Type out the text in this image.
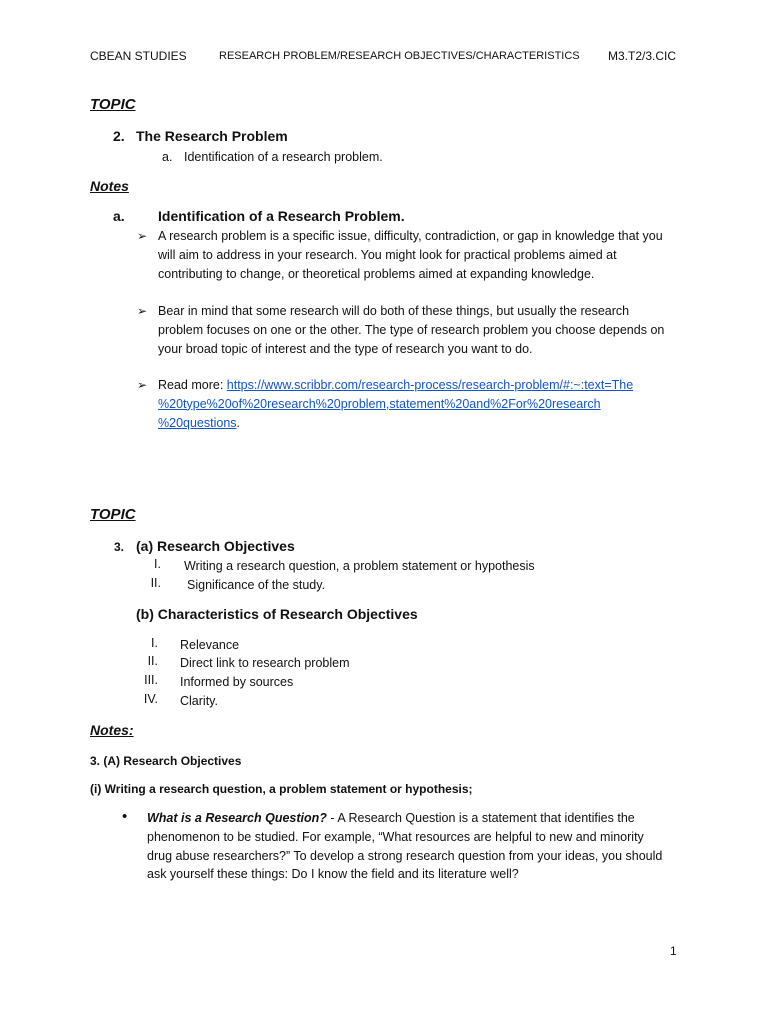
CBEAN STUDIES	RESEARCH PROBLEM/RESEARCH OBJECTIVES/CHARACTERISTICS M3.T2/3.CIC
TOPIC
2. The Research Problem
a. Identification of a research problem.
Notes
a. Identification of a Research Problem.
➢ A research problem is a specific issue, difficulty, contradiction, or gap in knowledge that you
will aim to address in your research. You might look for practical problems aimed at
contributing to change, or theoretical problems aimed at expanding knowledge.
➢ Bear in mind that some research will do both of these things, but usually the research
problem focuses on one or the other. The type of research problem you choose depends on
your broad topic of interest and the type of research you want to do.
➢ Read more: https://www.scribbr.com/research-process/research-problem/#:~:text=The
%20type%20of%20research%20problem,statement%20and%2For%20research
%20questions.
TOPIC
3. (a) Research Objectives
I. Writing a research question, a problem statement or hypothesis
II. Significance of the study.
(b) Characteristics of Research Objectives
I. Relevance
II. Direct link to research problem
III. Informed by sources
IV. Clarity.
Notes:
3. (A) Research Objectives
(i) Writing a research question, a problem statement or hypothesis;
• What is a Research Question? - A Research Question is a statement that identifies the
phenomenon to be studied. For example, “What resources are helpful to new and minority
drug abuse researchers?” To develop a strong research question from your ideas, you should
ask yourself these things: Do I know the field and its literature well?
1
